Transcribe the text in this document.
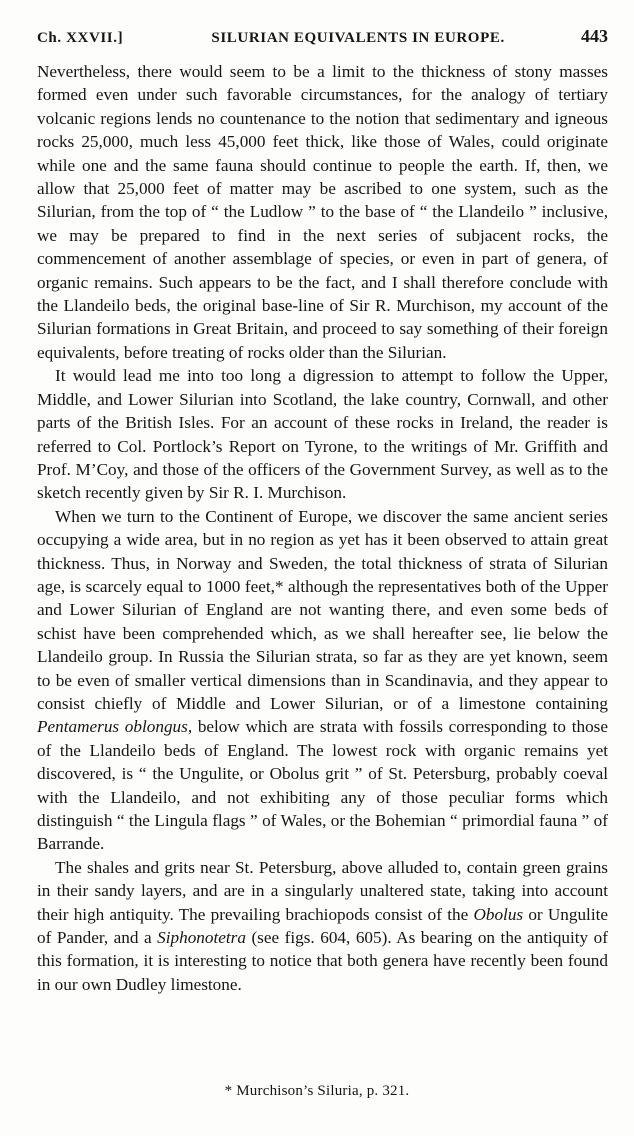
Ch. XXVII.]	SILURIAN EQUIVALENTS IN EUROPE.	443

Nevertheless, there would seem to be a limit to the thickness of stony masses formed even under such favorable circumstances, for the analogy of tertiary volcanic regions lends no countenance to the notion that sedimentary and igneous rocks 25,000, much less 45,000 feet thick, like those of Wales, could originate while one and the same fauna should continue to people the earth. If, then, we allow that 25,000 feet of matter may be ascribed to one system, such as the Silurian, from the top of “ the Ludlow ” to the base of “ the Llandeilo ” inclusive, we may be prepared to find in the next series of subjacent rocks, the commencement of another assemblage of species, or even in part of genera, of organic remains. Such appears to be the fact, and I shall therefore conclude with the Llandeilo beds, the original base-line of Sir R. Murchison, my account of the Silurian formations in Great Britain, and proceed to say something of their foreign equivalents, before treating of rocks older than the Silurian.

It would lead me into too long a digression to attempt to follow the Upper, Middle, and Lower Silurian into Scotland, the lake country, Cornwall, and other parts of the British Isles. For an account of these rocks in Ireland, the reader is referred to Col. Portlock’s Report on Tyrone, to the writings of Mr. Griffith and Prof. M’Coy, and those of the officers of the Government Survey, as well as to the sketch recently given by Sir R. I. Murchison.

When we turn to the Continent of Europe, we discover the same ancient series occupying a wide area, but in no region as yet has it been observed to attain great thickness. Thus, in Norway and Sweden, the total thickness of strata of Silurian age, is scarcely equal to 1000 feet,* although the representatives both of the Upper and Lower Silurian of England are not wanting there, and even some beds of schist have been comprehended which, as we shall hereafter see, lie below the Llandeilo group. In Russia the Silurian strata, so far as they are yet known, seem to be even of smaller vertical dimensions than in Scandinavia, and they appear to consist chiefly of Middle and Lower Silurian, or of a limestone containing Pentamerus oblongus, below which are strata with fossils corresponding to those of the Llandeilo beds of England. The lowest rock with organic remains yet discovered, is “ the Ungulite, or Obolus grit ” of St. Petersburg, probably coeval with the Llandeilo, and not exhibiting any of those peculiar forms which distinguish “ the Lingula flags ” of Wales, or the Bohemian “ primordial fauna ” of Barrande.

The shales and grits near St. Petersburg, above alluded to, contain green grains in their sandy layers, and are in a singularly unaltered state, taking into account their high antiquity. The prevailing brachiopods consist of the Obolus or Ungulite of Pander, and a Siphonotetra (see figs. 604, 605). As bearing on the antiquity of this formation, it is interesting to notice that both genera have recently been found in our own Dudley limestone.

* Murchison’s Siluria, p. 321.
